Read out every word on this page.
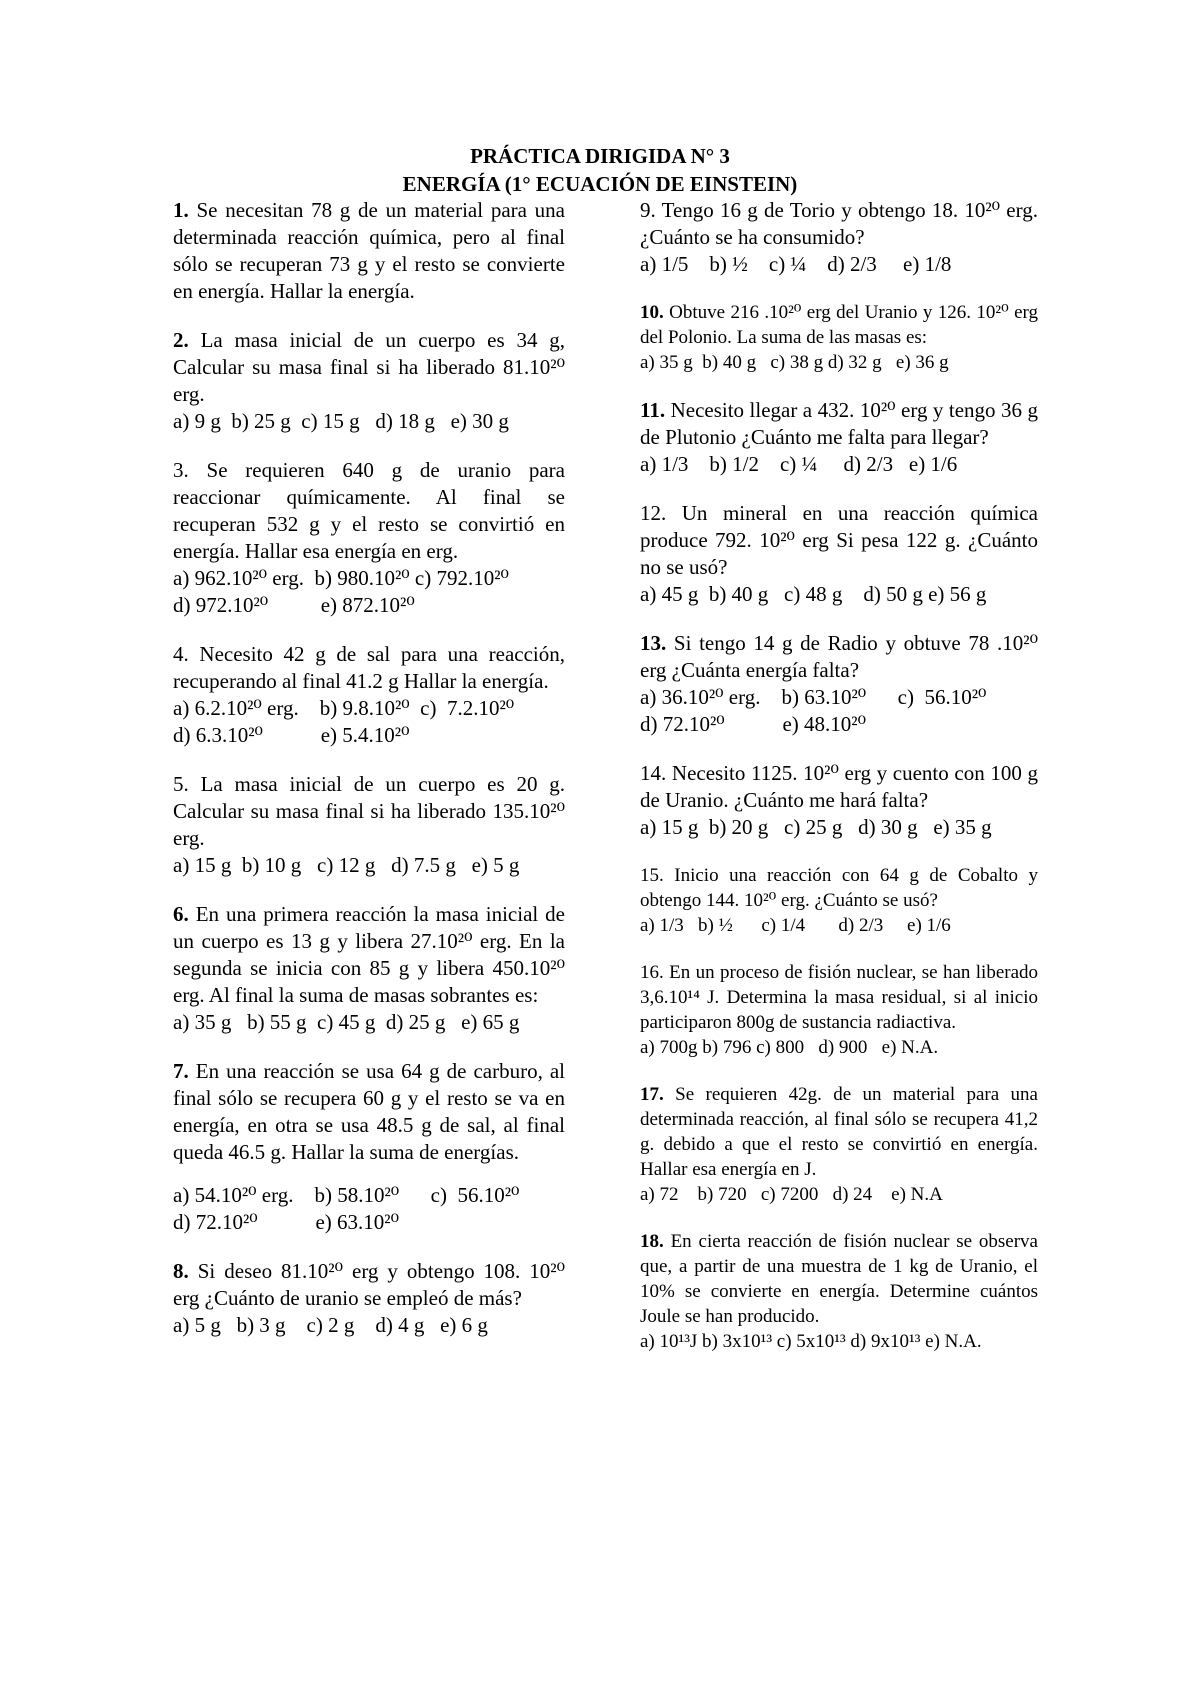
PRÁCTICA DIRIGIDA N° 3
ENERGÍA (1° ECUACIÓN DE EINSTEIN)

1. Se necesitan 78 g de un material para una determinada reacción química, pero al final sólo se recuperan 73 g y el resto se convierte en energía. Hallar la energía.

2. La masa inicial de un cuerpo es 34 g, Calcular su masa final si ha liberado 81.10²⁰ erg.

a) 9 g  b) 25 g  c) 15 g   d) 18 g   e) 30 g

3. Se requieren 640 g de uranio para reaccionar químicamente. Al final se recuperan 532 g y el resto se convirtió en energía. Hallar esa energía en erg.

a) 962.10²⁰ erg.  b) 980.10²⁰ c) 792.10²⁰
d) 972.10²⁰          e) 872.10²⁰

4. Necesito 42 g de sal para una reacción, recuperando al final 41.2 g Hallar la energía.

a) 6.2.10²⁰ erg.    b) 9.8.10²⁰  c)  7.2.10²⁰
d) 6.3.10²⁰           e) 5.4.10²⁰

5. La masa inicial de un cuerpo es 20 g. Calcular su masa final si ha liberado 135.10²⁰ erg.

a) 15 g  b) 10 g   c) 12 g   d) 7.5 g   e) 5 g

6. En una primera reacción la masa inicial de un cuerpo es 13 g y libera 27.10²⁰ erg. En la segunda se inicia con 85 g y libera 450.10²⁰ erg. Al final la suma de masas sobrantes es:

a) 35 g   b) 55 g  c) 45 g  d) 25 g   e) 65 g

7. En una reacción se usa 64 g de carburo, al final sólo se recupera 60 g y el resto se va en energía, en otra se usa 48.5 g de sal, al final queda 46.5 g. Hallar la suma de energías.

a) 54.10²⁰ erg.    b) 58.10²⁰      c)  56.10²⁰
d) 72.10²⁰           e) 63.10²⁰

8. Si deseo 81.10²⁰ erg y obtengo 108. 10²⁰ erg ¿Cuánto de uranio se empleó de más?

a) 5 g   b) 3 g    c) 2 g    d) 4 g   e) 6 g

9. Tengo 16 g de Torio y obtengo 18. 10²⁰ erg. ¿Cuánto se ha consumido?

a) 1/5    b) ½    c) ¼    d) 2/3     e) 1/8

10. Obtuve 216 .10²⁰ erg del Uranio y 126. 10²⁰ erg del Polonio. La suma de las masas es:

a) 35 g  b) 40 g   c) 38 g d) 32 g   e) 36 g

11. Necesito llegar a 432. 10²⁰ erg y tengo 36 g de Plutonio ¿Cuánto me falta para llegar?

a) 1/3    b) 1/2    c) ¼     d) 2/3   e) 1/6

12. Un mineral en una reacción química produce 792. 10²⁰ erg Si pesa 122 g. ¿Cuánto no se usó?

a) 45 g  b) 40 g   c) 48 g    d) 50 g e) 56 g

13. Si tengo 14 g de Radio y obtuve 78 .10²⁰ erg ¿Cuánta energía falta?

a) 36.10²⁰ erg.    b) 63.10²⁰      c)  56.10²⁰
d) 72.10²⁰           e) 48.10²⁰

14. Necesito 1125. 10²⁰ erg y cuento con 100 g de Uranio. ¿Cuánto me hará falta?

a) 15 g  b) 20 g   c) 25 g   d) 30 g   e) 35 g

15. Inicio una reacción con 64 g de Cobalto y obtengo 144. 10²⁰ erg. ¿Cuánto se usó?

a) 1/3   b) ½      c) 1/4       d) 2/3     e) 1/6

16. En un proceso de fisión nuclear, se han liberado 3,6.10¹⁴ J. Determina la masa residual, si al inicio participaron 800g de sustancia radiactiva.

a) 700g b) 796 c) 800   d) 900   e) N.A.

17. Se requieren 42g. de un material para una determinada reacción, al final sólo se recupera 41,2 g. debido a que el resto se convirtió en energía. Hallar esa energía en J.

a) 72    b) 720   c) 7200   d) 24    e) N.A

18. En cierta reacción de fisión nuclear se observa que, a partir de una muestra de 1 kg de Uranio, el 10% se convierte en energía. Determine cuántos Joule se han producido.

a) 10¹³J b) 3x10¹³ c) 5x10¹³ d) 9x10¹³ e) N.A.
